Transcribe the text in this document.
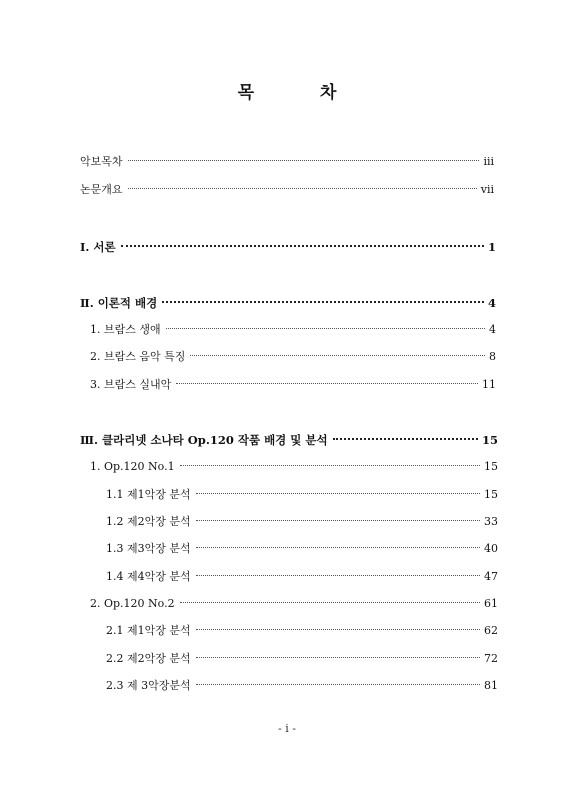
목 차
악보목차	iii
논문개요	vii
Ⅰ. 서론	1
Ⅱ. 이론적 배경	4
1. 브람스 생애	4
2. 브람스 음악 특징	8
3. 브람스 실내악	11
Ⅲ. 클라리넷 소나타 Op.120 작품 배경 및 분석	15
1. Op.120 No.1	15
1.1 제1악장 분석	15
1.2 제2악장 분석	33
1.3 제3악장 분석	40
1.4 제4악장 분석	47
2. Op.120 No.2	61
2.1 제1악장 분석	62
2.2 제2악장 분석	72
2.3 제 3악장분석	81
- i -
